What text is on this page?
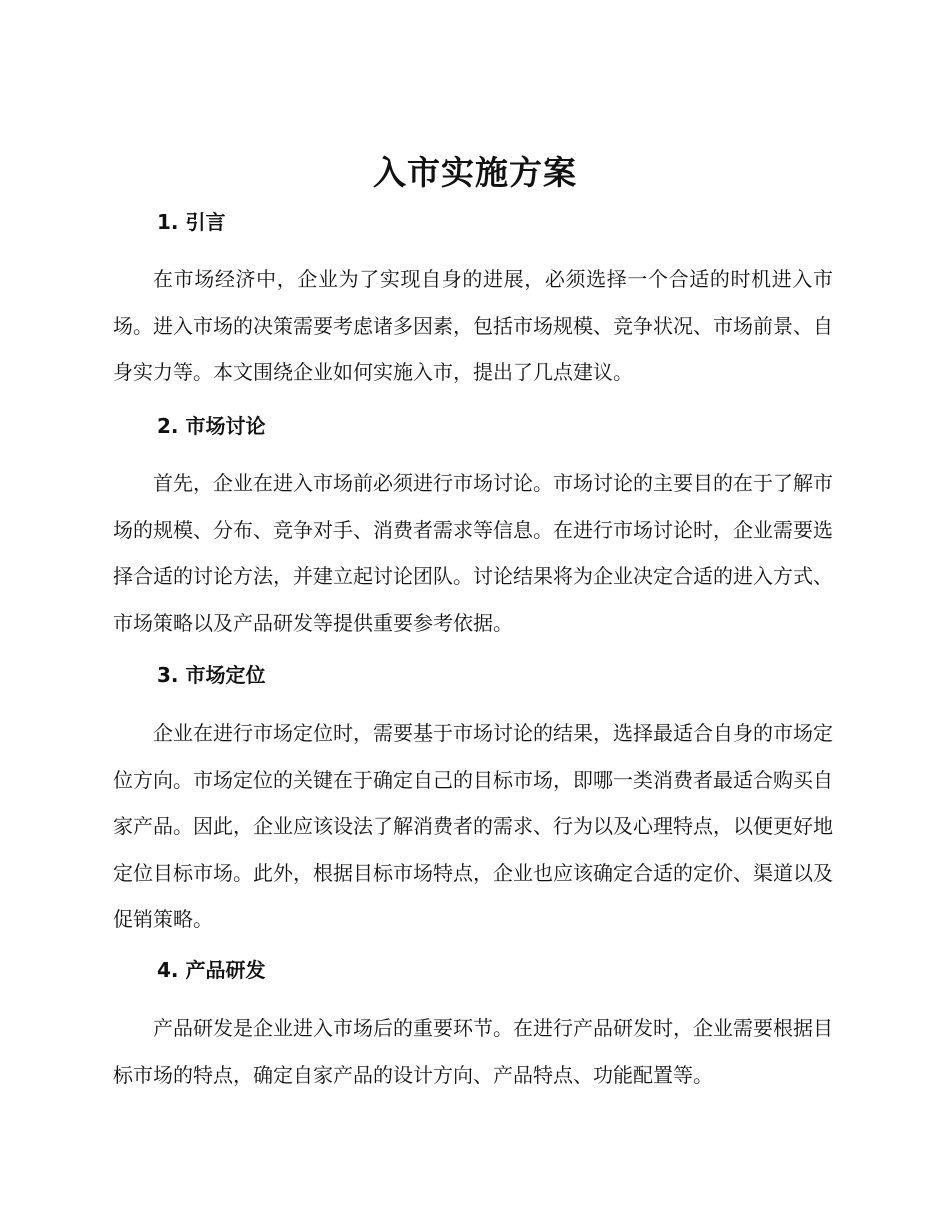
入市实施方案
1. 引言

在市场经济中，企业为了实现自身的进展，必须选择一个合适的时机进入市场。进入市场的决策需要考虑诸多因素，包括市场规模、竞争状况、市场前景、自身实力等。本文围绕企业如何实施入市，提出了几点建议。

2. 市场讨论

首先，企业在进入市场前必须进行市场讨论。市场讨论的主要目的在于了解市场的规模、分布、竞争对手、消费者需求等信息。在进行市场讨论时，企业需要选择合适的讨论方法，并建立起讨论团队。讨论结果将为企业决定合适的进入方式、市场策略以及产品研发等提供重要参考依据。

3. 市场定位

企业在进行市场定位时，需要基于市场讨论的结果，选择最适合自身的市场定位方向。市场定位的关键在于确定自己的目标市场，即哪一类消费者最适合购买自家产品。因此，企业应该设法了解消费者的需求、行为以及心理特点，以便更好地定位目标市场。此外，根据目标市场特点，企业也应该确定合适的定价、渠道以及促销策略。

4. 产品研发

产品研发是企业进入市场后的重要环节。在进行产品研发时，企业需要根据目标市场的特点，确定自家产品的设计方向、产品特点、功能配置等。
